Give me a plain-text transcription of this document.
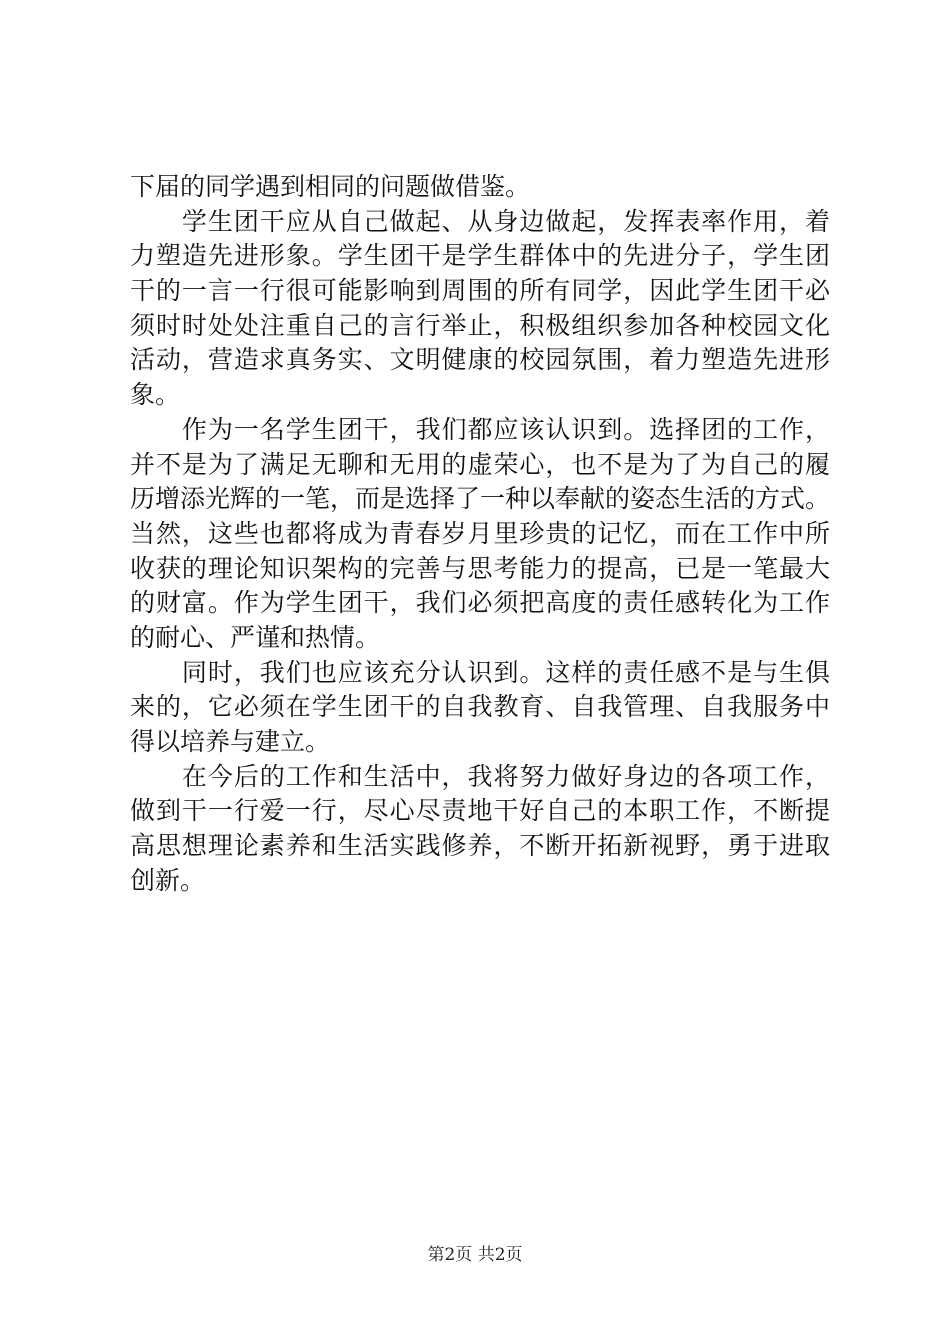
下届的同学遇到相同的问题做借鉴。
　　学生团干应从自己做起、从身边做起，发挥表率作用，着
力塑造先进形象。学生团干是学生群体中的先进分子，学生团
干的一言一行很可能影响到周围的所有同学，因此学生团干必
须时时处处注重自己的言行举止，积极组织参加各种校园文化
活动，营造求真务实、文明健康的校园氛围，着力塑造先进形
象。
　　作为一名学生团干，我们都应该认识到。选择团的工作，
并不是为了满足无聊和无用的虚荣心，也不是为了为自己的履
历增添光辉的一笔，而是选择了一种以奉献的姿态生活的方式。
当然，这些也都将成为青春岁月里珍贵的记忆，而在工作中所
收获的理论知识架构的完善与思考能力的提高，已是一笔最大
的财富。作为学生团干，我们必须把高度的责任感转化为工作
的耐心、严谨和热情。
　　同时，我们也应该充分认识到。这样的责任感不是与生俱
来的，它必须在学生团干的自我教育、自我管理、自我服务中
得以培养与建立。
　　在今后的工作和生活中，我将努力做好身边的各项工作，
做到干一行爱一行，尽心尽责地干好自己的本职工作，不断提
高思想理论素养和生活实践修养，不断开拓新视野，勇于进取
创新。
第2页 共2页
